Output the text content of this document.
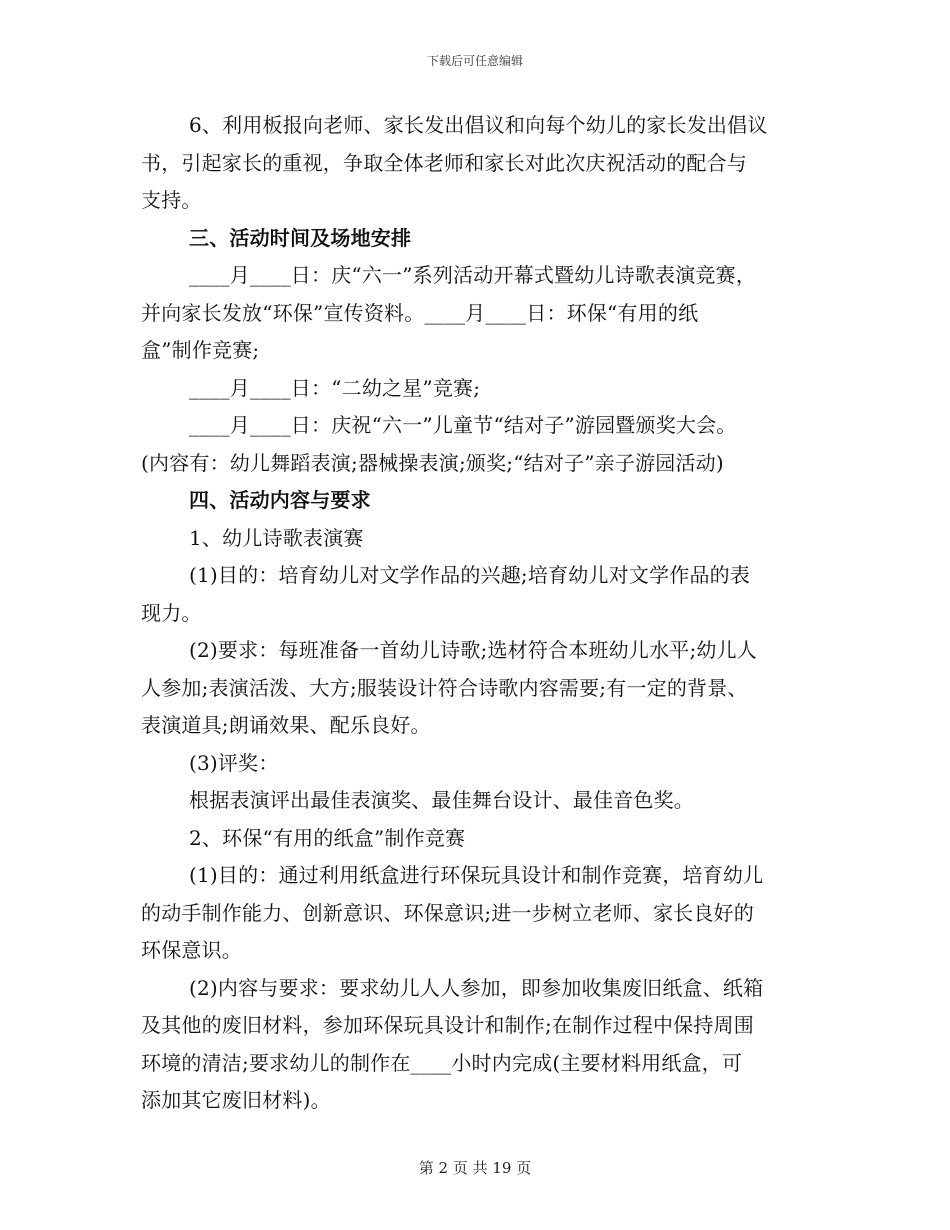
下载后可任意编辑
6、利用板报向老师、家长发出倡议和向每个幼儿的家长发出倡议
书，引起家长的重视，争取全体老师和家长对此次庆祝活动的配合与
支持。
三、活动时间及场地安排
____月____日：庆“六一”系列活动开幕式暨幼儿诗歌表演竞赛，
并向家长发放“环保”宣传资料。____月____日：环保“有用的纸
盒”制作竞赛;
____月____日：“二幼之星”竞赛;
____月____日：庆祝“六一”儿童节“结对子”游园暨颁奖大会。
(内容有：幼儿舞蹈表演;器械操表演;颁奖;“结对子”亲子游园活动)
四、活动内容与要求
1、幼儿诗歌表演赛
(1)目的：培育幼儿对文学作品的兴趣;培育幼儿对文学作品的表
现力。
(2)要求：每班准备一首幼儿诗歌;选材符合本班幼儿水平;幼儿人
人参加;表演活泼、大方;服装设计符合诗歌内容需要;有一定的背景、
表演道具;朗诵效果、配乐良好。
(3)评奖：
根据表演评出最佳表演奖、最佳舞台设计、最佳音色奖。
2、环保“有用的纸盒”制作竞赛
(1)目的：通过利用纸盒进行环保玩具设计和制作竞赛，培育幼儿
的动手制作能力、创新意识、环保意识;进一步树立老师、家长良好的
环保意识。
(2)内容与要求：要求幼儿人人参加，即参加收集废旧纸盒、纸箱
及其他的废旧材料，参加环保玩具设计和制作;在制作过程中保持周围
环境的清洁;要求幼儿的制作在____小时内完成(主要材料用纸盒，可
添加其它废旧材料)。
第 2 页 共 19 页
